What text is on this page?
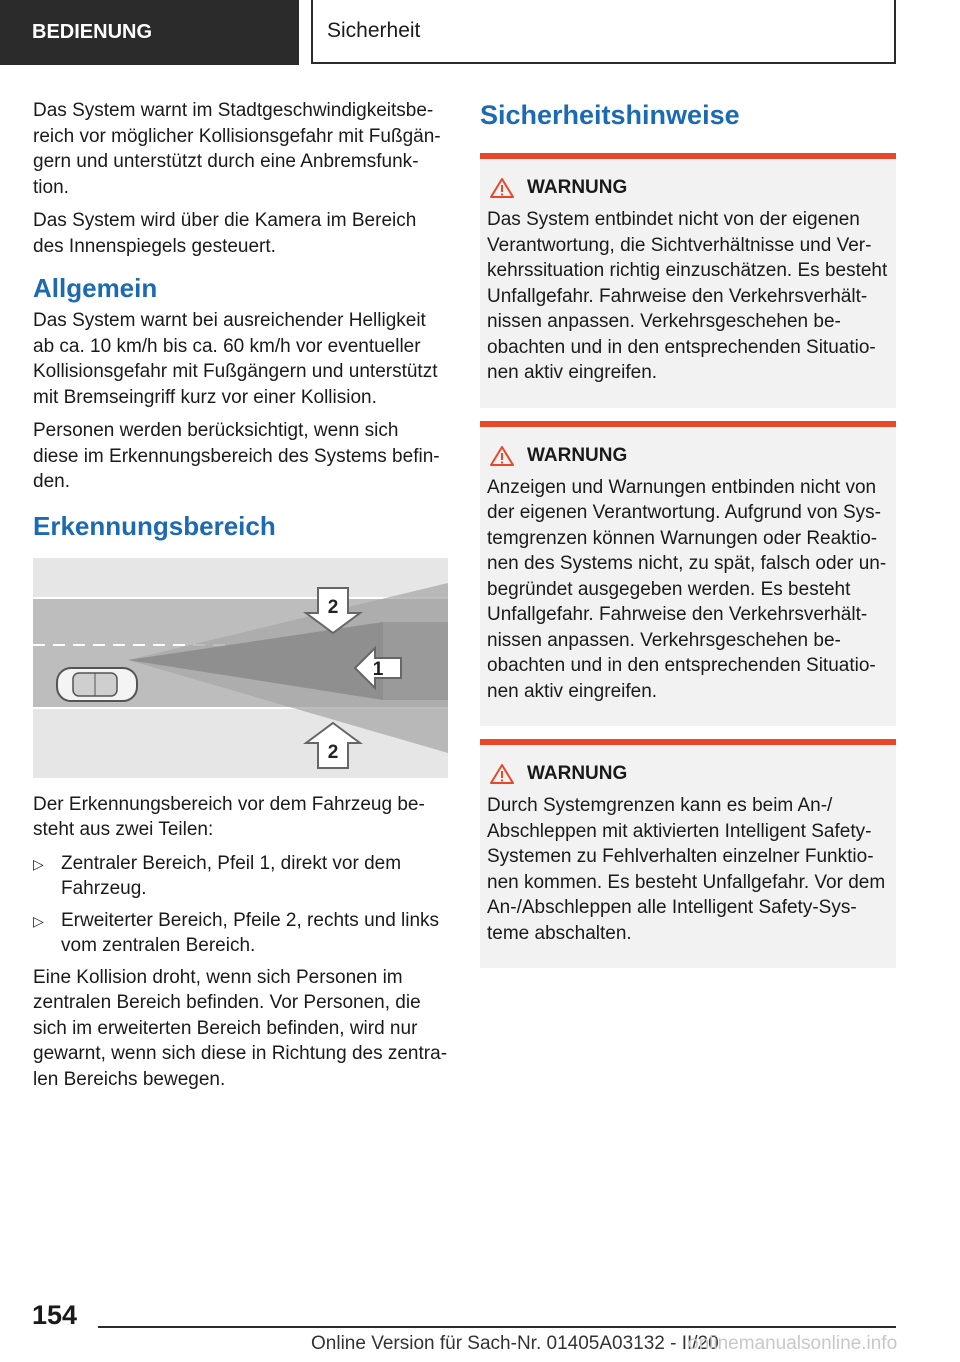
BEDIENUNG	Sicherheit

Das System warnt im Stadtgeschwindigkeitsbereich vor möglicher Kollisionsgefahr mit Fußgängern und unterstützt durch eine Anbremsfunktion.

Das System wird über die Kamera im Bereich des Innenspiegels gesteuert.

Allgemein

Das System warnt bei ausreichender Helligkeit ab ca. 10 km/h bis ca. 60 km/h vor eventueller Kollisionsgefahr mit Fußgängern und unterstützt mit Bremseingriff kurz vor einer Kollision.

Personen werden berücksichtigt, wenn sich diese im Erkennungsbereich des Systems befinden.

Erkennungsbereich
2
1
2

Der Erkennungsbereich vor dem Fahrzeug besteht aus zwei Teilen:

▷ Zentraler Bereich, Pfeil 1, direkt vor dem Fahrzeug.
▷ Erweiterter Bereich, Pfeile 2, rechts und links vom zentralen Bereich.

Eine Kollision droht, wenn sich Personen im zentralen Bereich befinden. Vor Personen, die sich im erweiterten Bereich befinden, wird nur gewarnt, wenn sich diese in Richtung des zentralen Bereichs bewegen.

Sicherheitshinweise
WARNUNG

Das System entbindet nicht von der eigenen Verantwortung, die Sichtverhältnisse und Verkehrssituation richtig einzuschätzen. Es besteht Unfallgefahr. Fahrweise den Verkehrsverhältnissen anpassen. Verkehrsgeschehen beobachten und in den entsprechenden Situationen aktiv eingreifen.

WARNUNG

Anzeigen und Warnungen entbinden nicht von der eigenen Verantwortung. Aufgrund von Systemgrenzen können Warnungen oder Reaktionen des Systems nicht, zu spät, falsch oder unbegründet ausgegeben werden. Es besteht Unfallgefahr. Fahrweise den Verkehrsverhältnissen anpassen. Verkehrsgeschehen beobachten und in den entsprechenden Situationen aktiv eingreifen.

WARNUNG

Durch Systemgrenzen kann es beim An-/ Abschleppen mit aktivierten Intelligent Safety-Systemen zu Fehlverhalten einzelner Funktionen kommen. Es besteht Unfallgefahr. Vor dem An-/Abschleppen alle Intelligent Safety-Systeme abschalten.

154
Online Version für Sach-Nr. 01405A03132 - II/20
onlinemanualsonline.info
